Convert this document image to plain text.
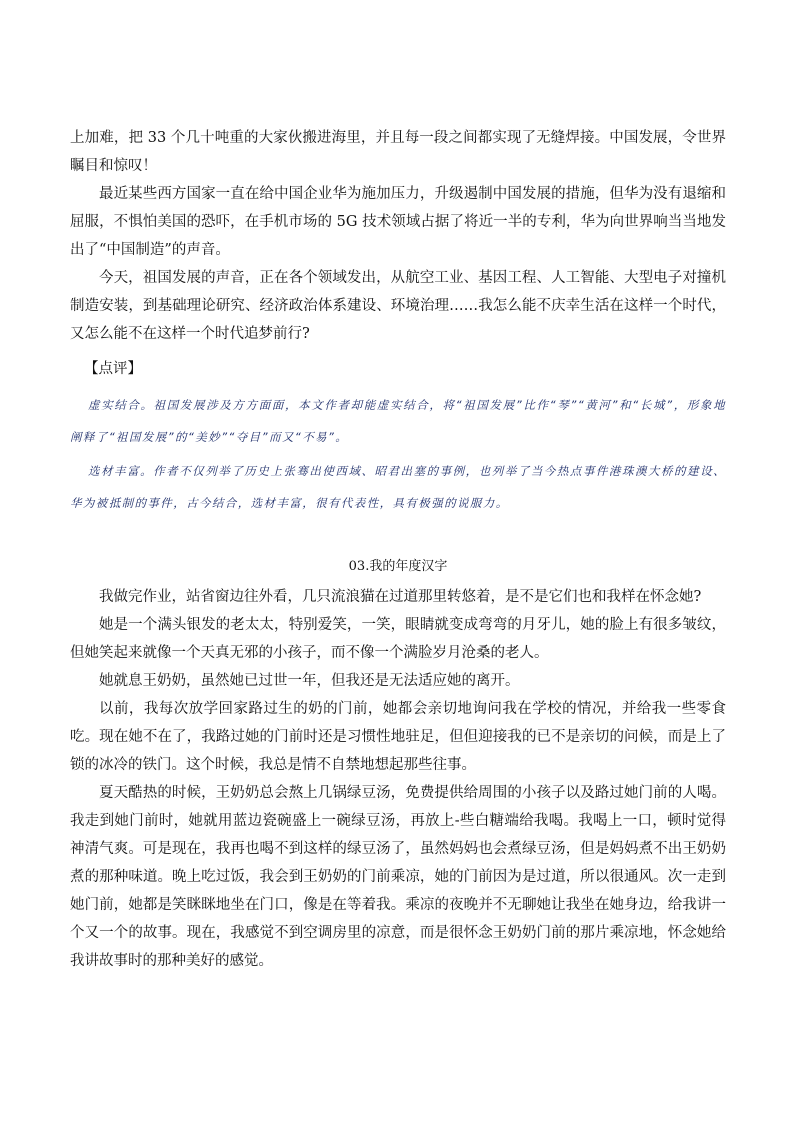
上加难，把 33 个几十吨重的大家伙搬进海里，并且每一段之间都实现了无缝焊接。中国发展，令世界瞩目和惊叹！

最近某些西方国家一直在给中国企业华为施加压力，升级遏制中国发展的措施，但华为没有退缩和屈服，不惧怕美国的恐吓，在手机市场的 5G 技术领域占据了将近一半的专利，华为向世界响当当地发出了“中国制造”的声音。

今天，祖国发展的声音，正在各个领域发出，从航空工业、基因工程、人工智能、大型电子对撞机制造安装，到基础理论研究、经济政治体系建设、环境治理……我怎么能不庆幸生活在这样一个时代，又怎么能不在这样一个时代追梦前行?

【点评】

虚实结合。祖国发展涉及方方面面，本文作者却能虚实结合，将“祖国发展”比作“琴”“黄河”和“长城”，形象地阐释了“祖国发展”的“美妙”“夺目”而又“不易”。

选材丰富。作者不仅列举了历史上张骞出使西域、昭君出塞的事例，也列举了当今热点事件港珠澳大桥的建设、华为被抵制的事件，古今结合，选材丰富，很有代表性，具有极强的说服力。

03.我的年度汉字

我做完作业，站省窗边往外看，几只流浪猫在过道那里转悠着，是不是它们也和我样在怀念她?

她是一个满头银发的老太太，特别爱笑，一笑，眼睛就变成弯弯的月牙儿，她的脸上有很多皱纹，但她笑起来就像一个天真无邪的小孩子，而不像一个满脸岁月沧桑的老人。

她就息王奶奶，虽然她已过世一年，但我还是无法适应她的离开。

以前，我每次放学回家路过生的奶的门前，她都会亲切地询问我在学校的情况，并给我一些零食吃。现在她不在了，我路过她的门前时还是习惯性地驻足，但但迎接我的已不是亲切的问候，而是上了锁的冰冷的铁门。这个时候，我总是情不自禁地想起那些往事。

夏天酷热的时候，王奶奶总会熬上几锅绿豆汤，免费提供给周围的小孩子以及路过她门前的人喝。我走到她门前时，她就用蓝边瓷碗盛上一碗绿豆汤，再放上-些白糖端给我喝。我喝上一口，顿时觉得神清气爽。可是现在，我再也喝不到这样的绿豆汤了，虽然妈妈也会煮绿豆汤，但是妈妈煮不出王奶奶煮的那种味道。晚上吃过饭，我会到王奶奶的门前乘凉，她的门前因为是过道，所以很通风。次一走到她门前，她都是笑眯眯地坐在门口，像是在等着我。乘凉的夜晚并不无聊她让我坐在她身边，给我讲一个又一个的故事。现在，我感觉不到空调房里的凉意，而是很怀念王奶奶门前的那片乘凉地，怀念她给我讲故事时的那种美好的感觉。
